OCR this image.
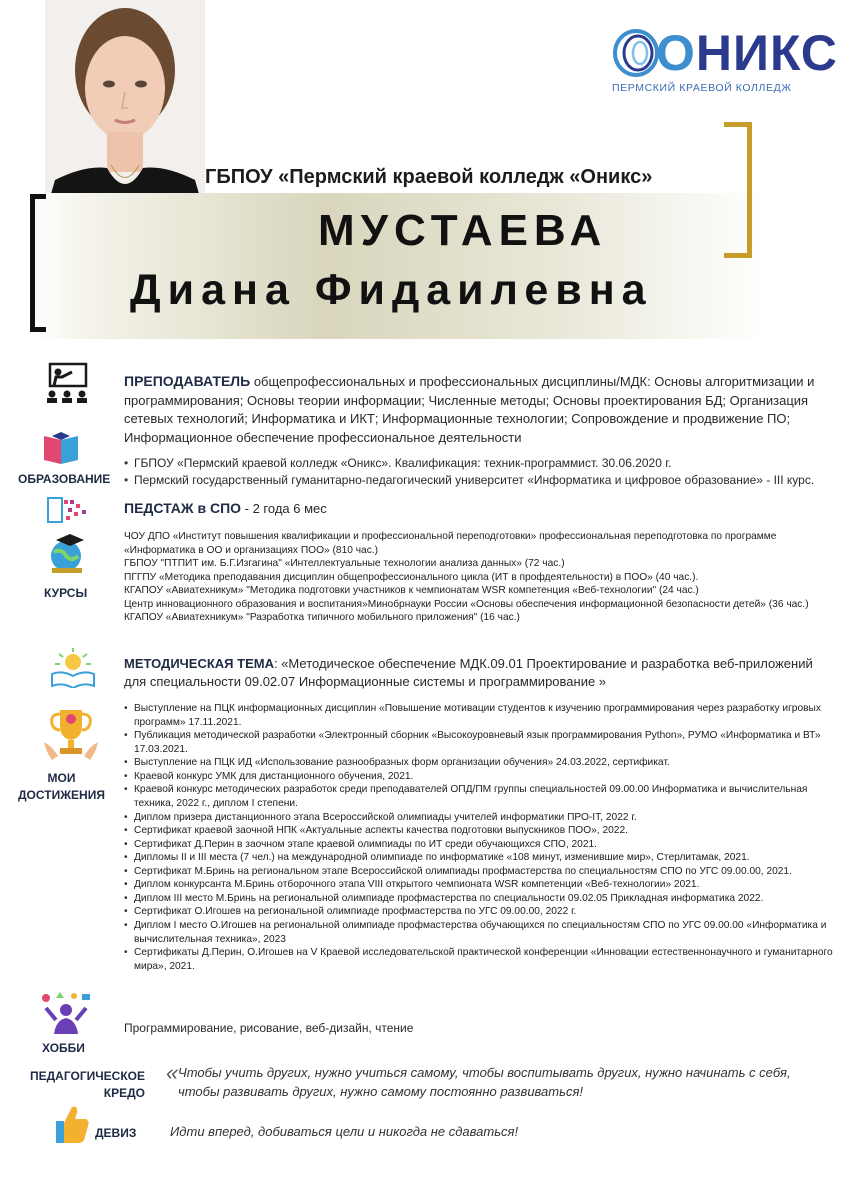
ОНИКС
ПЕРМСКИЙ КРАЕВОЙ КОЛЛЕДЖ
ГБПОУ «Пермский краевой колледж «Оникс»
МУСТАЕВА
Диана Фидаилевна
ПРЕПОДАВАТЕЛЬ общепрофессиональных и профессиональных дисциплины/МДК: Основы алгоритмизации и программирования; Основы теории информации; Численные методы; Основы проектирования БД; Организация сетевых технологий; Информатика и ИКТ; Информационные технологии; Сопровождение и продвижение ПО; Информационное обеспечение профессиональное деятельности
ОБРАЗОВАНИЕ
• ГБПОУ «Пермский краевой колледж «Оникс». Квалификация: техник-программист. 30.06.2020 г.
• Пермский государственный гуманитарно-педагогический университет «Информатика и цифровое образование» - III курс.
ПЕДСТАЖ в СПО - 2 года 6 мес
КУРСЫ
ЧОУ ДПО «Институт повышения квалификации и профессиональной переподготовки» профессиональная переподготовка по программе «Информатика в ОО и организациях ПОО» (810 час.)
ГБПОУ "ПТПИТ им. Б.Г.Изгагина" «Интеллектуальные технологии анализа данных» (72 час.)
ПГГПУ «Методика преподавания дисциплин общепрофессионального цикла (ИТ в профдеятельности) в ПОО» (40 час.).
КГАПОУ «Авиатехникум» "Методика подготовки участников к чемпионатам WSR компетенция «Веб-технологии" (24 час.)
Центр инновационного образования и воспитания»Минобрнауки России «Основы обеспечения информационной безопасности детей» (36 час.)
КГАПОУ «Авиатехникум» "Разработка типичного мобильного приложения" (16 час.)
МЕТОДИЧЕСКАЯ ТЕМА: «Методическое обеспечение МДК.09.01 Проектирование и разработка веб-приложений для специальности 09.02.07 Информационные системы и программирование »
МОИ
ДОСТИЖЕНИЯ
• Выступление на ПЦК информационных дисциплин «Повышение мотивации студентов к изучению программирования через разработку игровых программ» 17.11.2021.
• Публикация методической разработки «Электронный сборник «Высокоуровневый язык программирования Python», РУМО «Информатика и ВТ» 17.03.2021.
• Выступление на ПЦК ИД «Использование разнообразных форм организации обучения» 24.03.2022, сертификат.
• Краевой конкурс УМК для дистанционного обучения, 2021.
• Краевой конкурс методических разработок среди преподавателей ОПД/ПМ группы специальностей 09.00.00 Информатика и вычислительная техника, 2022 г., диплом I степени.
• Диплом призера дистанционного этапа Всероссийской олимпиады учителей информатики ПРО-IT, 2022 г.
• Сертификат краевой заочной НПК «Актуальные аспекты качества подготовки выпускников ПОО», 2022.
• Сертификат Д.Перин в заочном этапе краевой олимпиады по ИТ среди обучающихся СПО, 2021.
• Дипломы II и III места (7 чел.) на международной олимпиаде по информатике «108 минут, изменившие мир», Стерлитамак, 2021.
• Сертификат М.Бринь на региональном этапе Всероссийской олимпиады профмастерства по специальностям СПО по УГС 09.00.00, 2021.
• Диплом конкурсанта М.Бринь отборочного этапа VIII открытого чемпионата WSR компетенции «Веб-технологии» 2021.
• Диплом III место М.Бринь на региональной олимпиаде профмастерства по специальности 09.02.05 Прикладная информатика 2022.
• Сертификат О.Игошев на региональной олимпиаде профмастерства по УГС 09.00.00, 2022 г.
• Диплом I место О.Игошев на региональной олимпиаде профмастерства обучающихся по специальностям СПО по УГС 09.00.00 «Информатика и вычислительная техника», 2023
• Сертификаты Д.Перин, О.Игошев на V Краевой исследовательской практической конференции «Инновации естественнонаучного и гуманитарного мира», 2021.
ХОББИ
Программирование, рисование, веб-дизайн, чтение
ПЕДАГОГИЧЕСКОЕ
КРЕДО
« Чтобы учить других, нужно учиться самому, чтобы воспитывать других, нужно начинать с себя, чтобы развивать других, нужно самому постоянно развиваться!
ДЕВИЗ	Идти вперед, добиваться цели и никогда не сдаваться!
